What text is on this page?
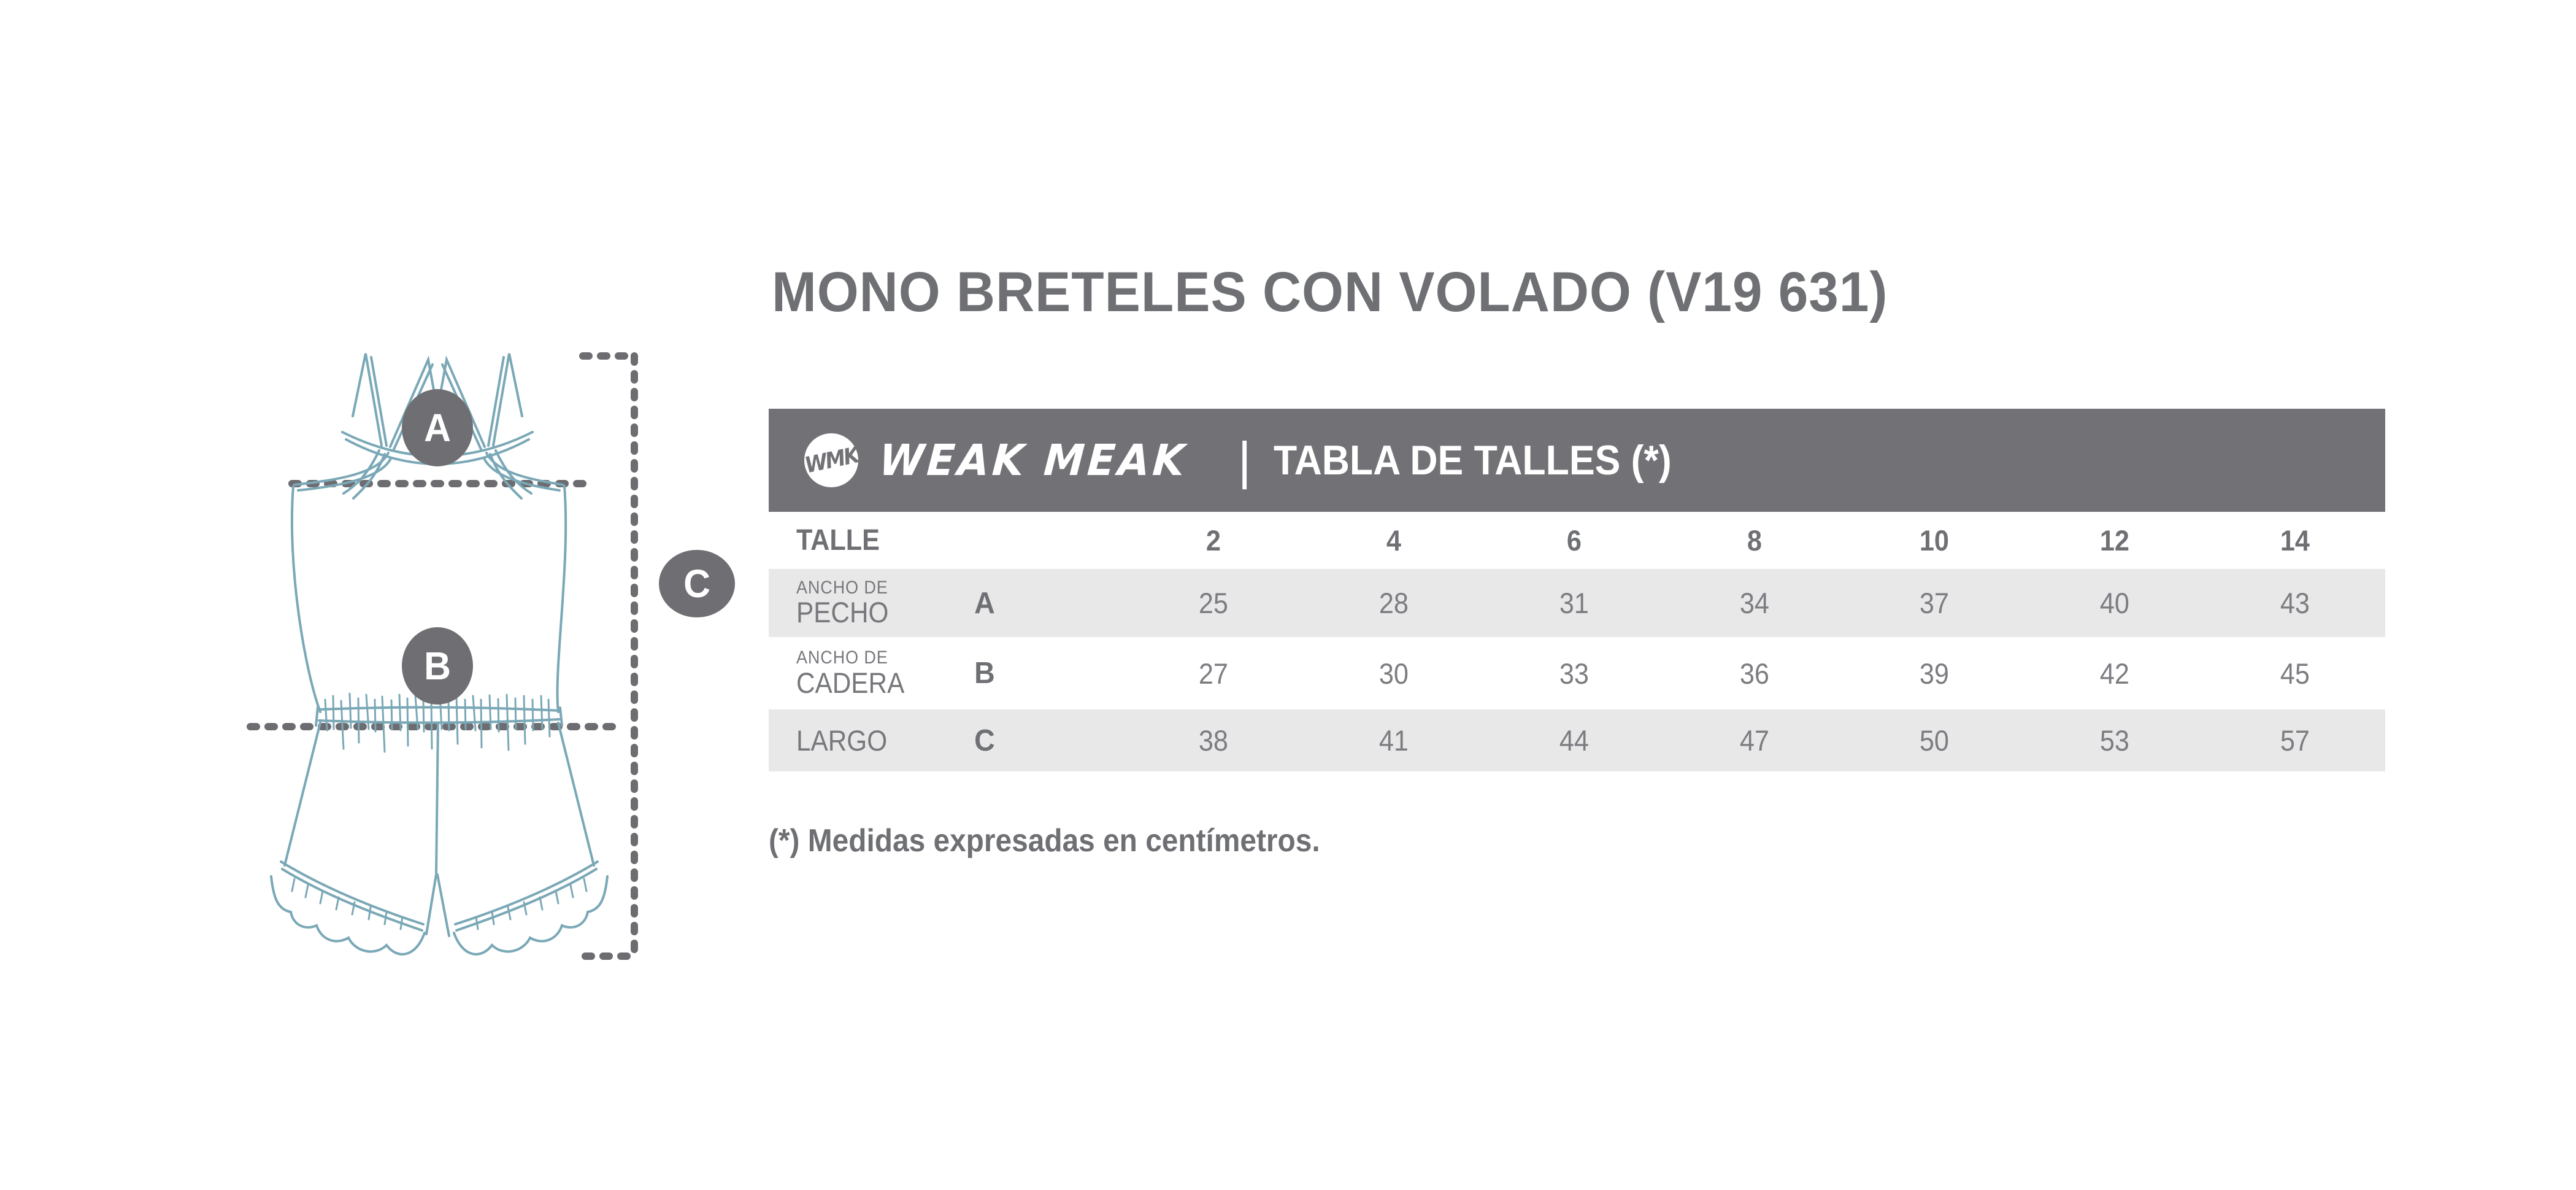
A
B
C
MONO BRETELES CON VOLADO (V19 631)
WMK WEAK MEAK | TABLA DE TALLES (*)
TALLE	2	4	6	8	10	12	14
ANCHO DE
PECHO	A	25	28	31	34	37	40	43
ANCHO DE
CADERA	B	27	30	33	36	39	42	45
LARGO	C	38	41	44	47	50	53	57
(*) Medidas expresadas en centímetros.
